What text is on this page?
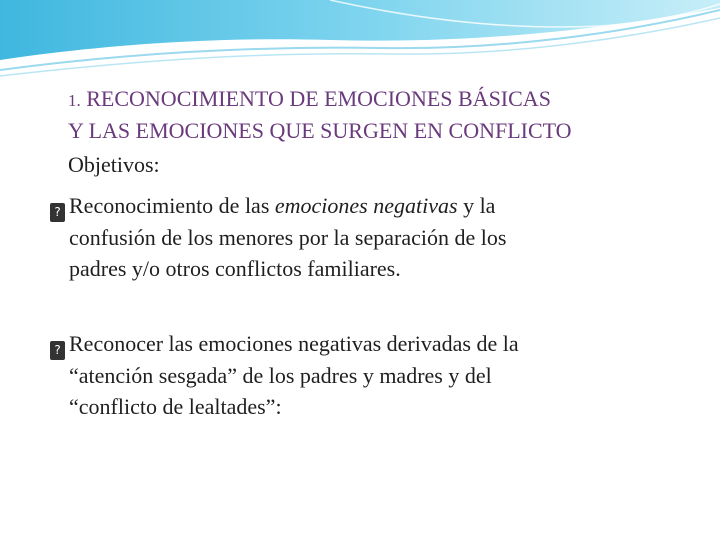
1. RECONOCIMIENTO DE EMOCIONES BÁSICAS
Y LAS EMOCIONES QUE SURGEN EN CONFLICTO
Objetivos:
? Reconocimiento de las emociones negativas y la
confusión de los menores por la separación de los
padres y/o otros conflictos familiares.
? Reconocer las emociones negativas derivadas de la
“atención sesgada” de los padres y madres y del
“conflicto de lealtades”:
